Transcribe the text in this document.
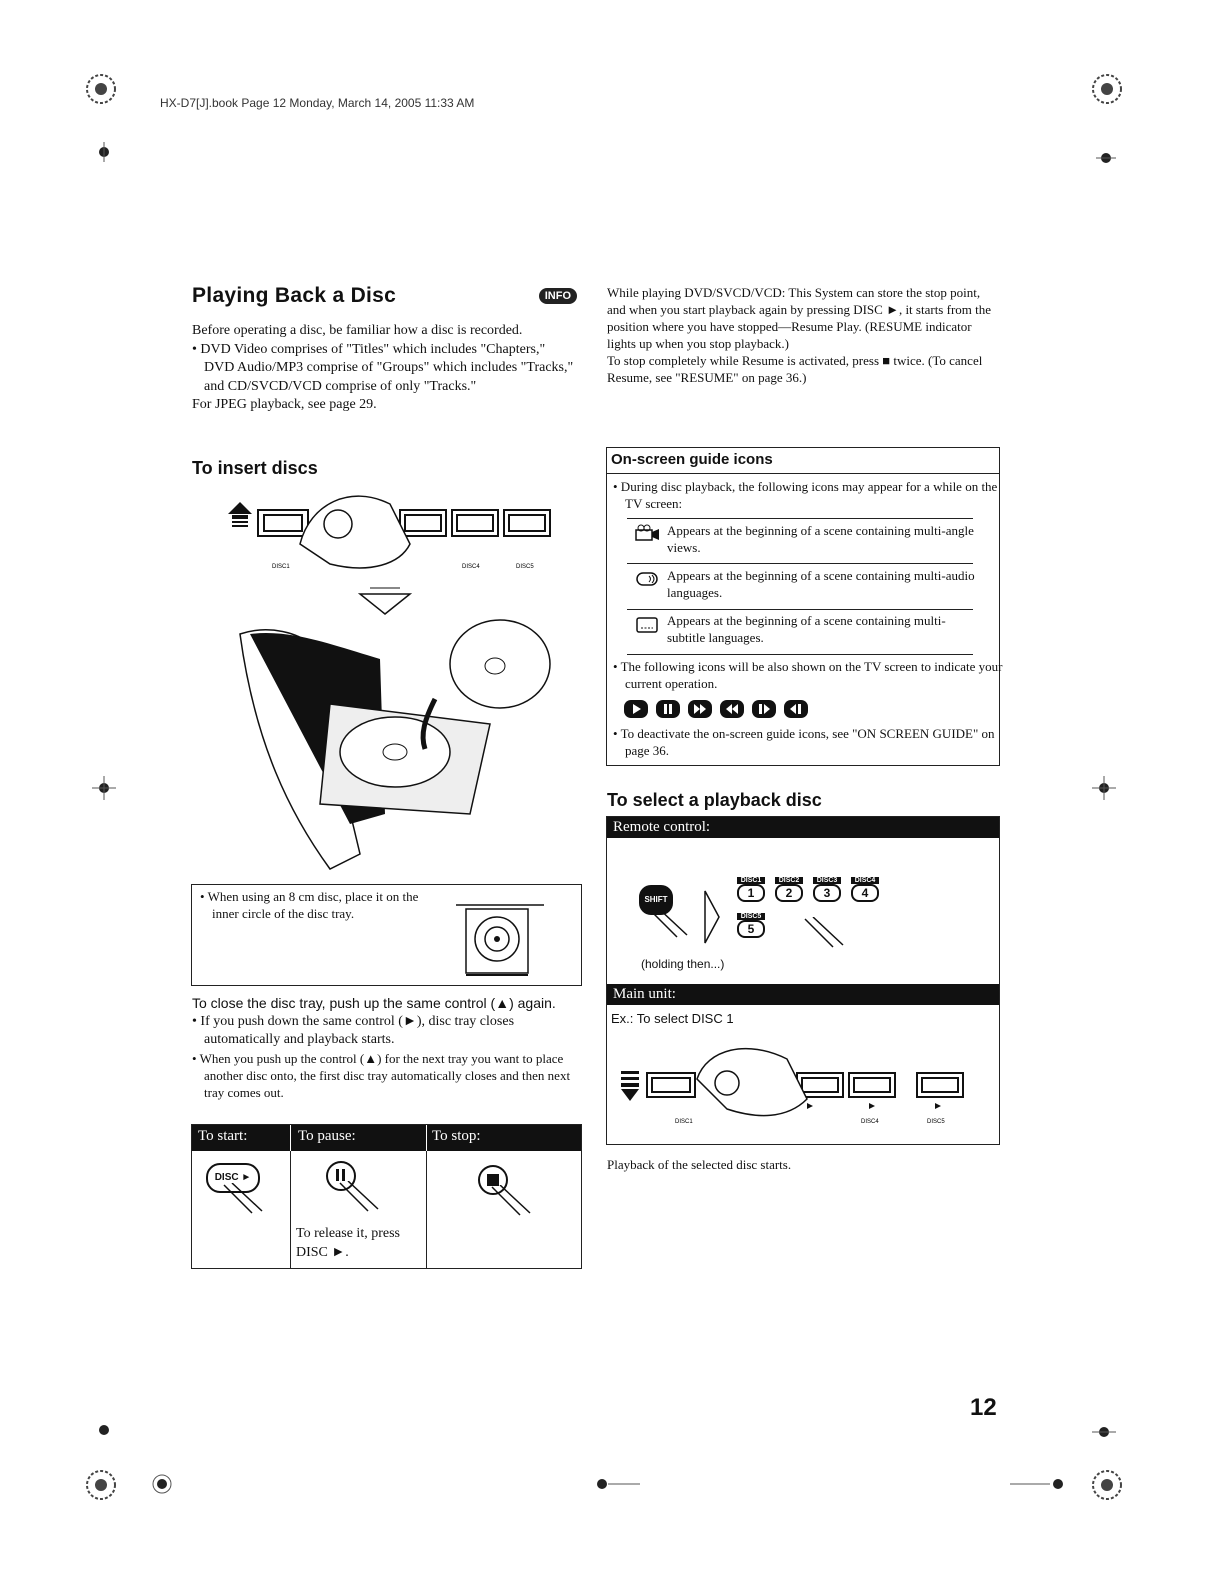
HX-D7[J].book Page 12 Monday, March 14, 2005 11:33 AM
Playing Back a Disc	INFO
Before operating a disc, be familiar how a disc is recorded.
• DVD Video comprises of "Titles" which includes "Chapters," DVD Audio/MP3 comprise of "Groups" which includes "Tracks," and CD/SVCD/VCD comprise of only "Tracks."
For JPEG playback, see page 29.
To insert discs
DISC1	DISC4	DISC5
• When using an 8 cm disc, place it on the inner circle of the disc tray.
To close the disc tray, push up the same control (▲) again.
• If you push down the same control (►), disc tray closes automatically and playback starts.
• When you push up the control (▲) for the next tray you want to place another disc onto, the first disc tray automatically closes and then next tray comes out.
To start:	To pause:	To stop:
DISC ►
To release it, press DISC ►.
While playing DVD/SVCD/VCD: This System can store the stop point, and when you start playback again by pressing DISC ►, it starts from the position where you have stopped—Resume Play. (RESUME indicator lights up when you stop playback.)
To stop completely while Resume is activated, press ■ twice. (To cancel Resume, see "RESUME" on page 36.)
On-screen guide icons
• During disc playback, the following icons may appear for a while on the TV screen:
Appears at the beginning of a scene containing multi-angle views.
Appears at the beginning of a scene containing multi-audio languages.
Appears at the beginning of a scene containing multi-subtitle languages.
• The following icons will be also shown on the TV screen to indicate your current operation.
• To deactivate the on-screen guide icons, see "ON SCREEN GUIDE" on page 36.
To select a playback disc
Remote control:
SHIFT
DISC1
1
DISC2
2
DISC3
3
DISC4
4
DISC5
5
(holding then...)
Main unit:
Ex.: To select DISC 1
DISC1	DISC4	DISC5
Playback of the selected disc starts.
12
